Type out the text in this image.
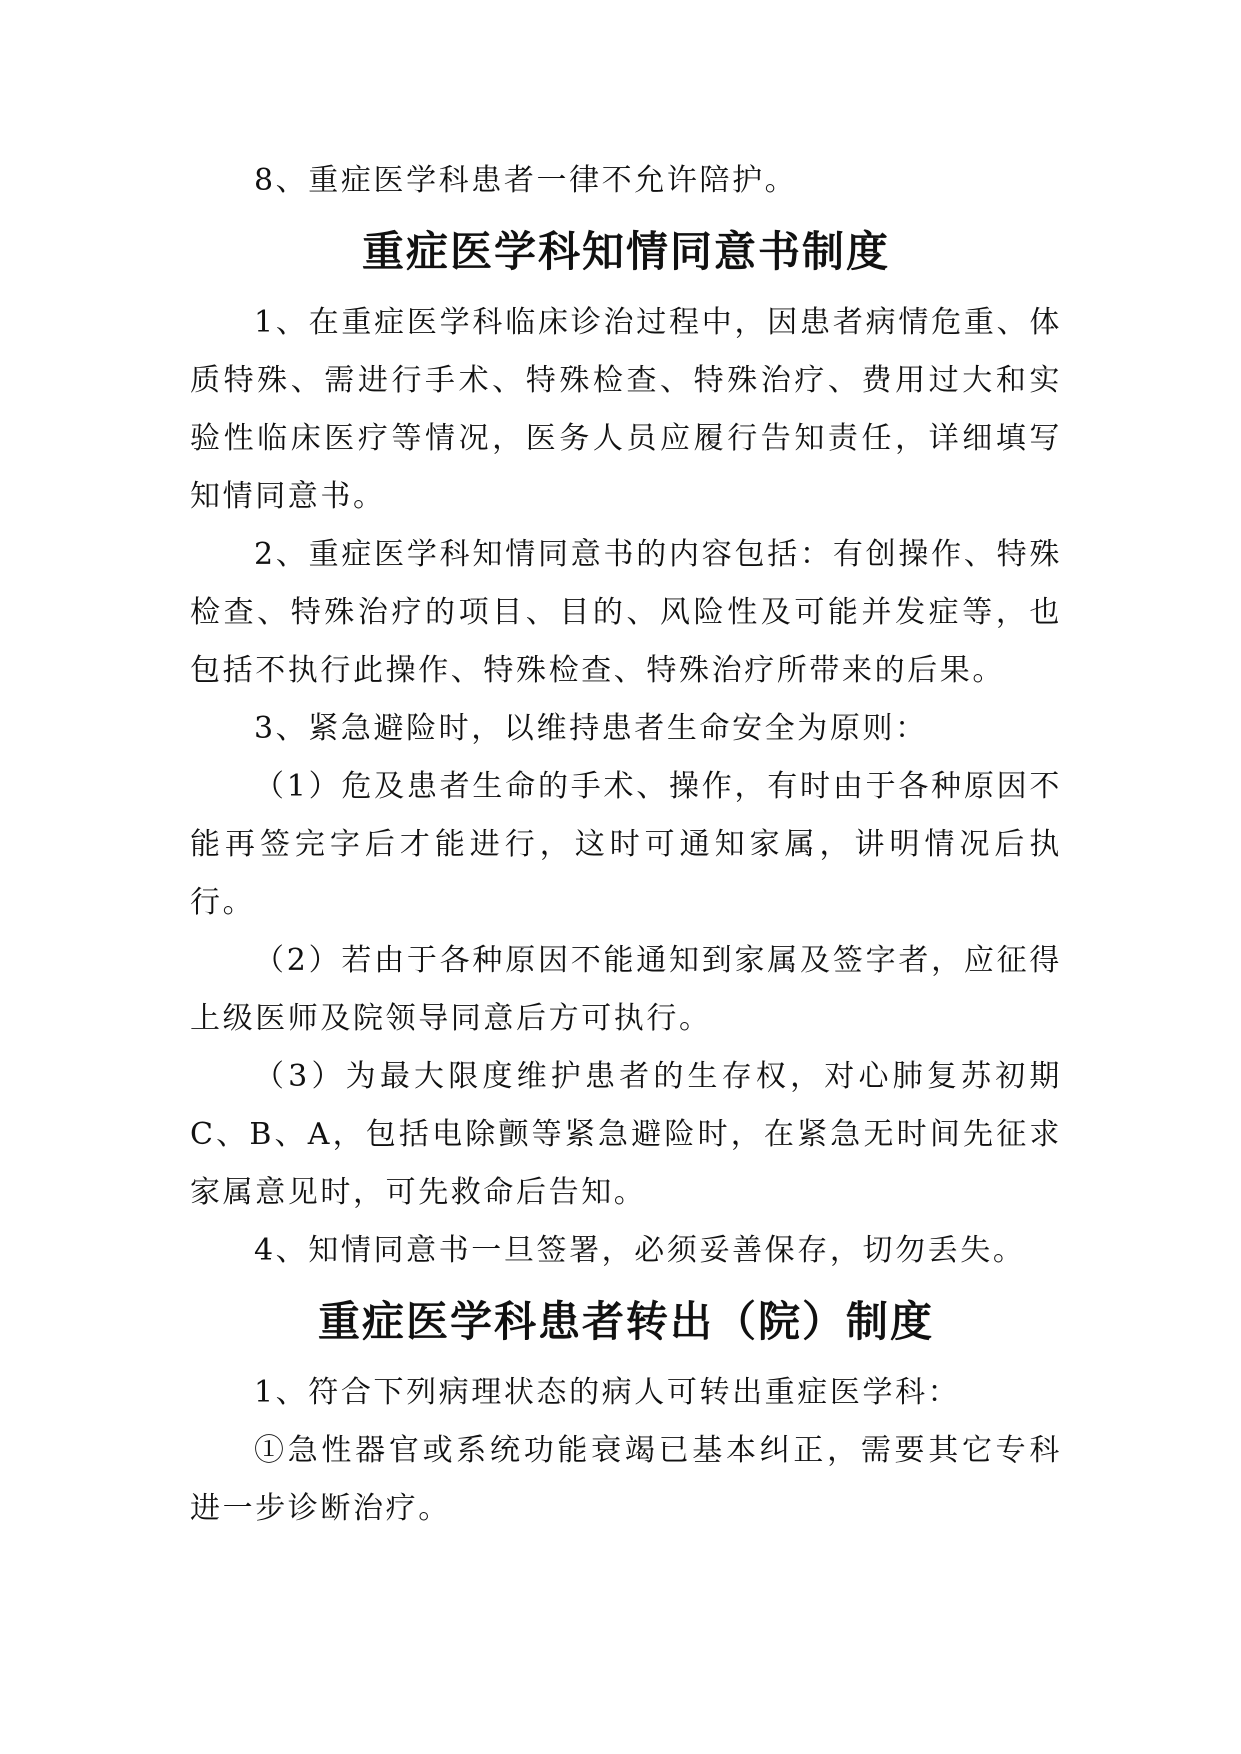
8、重症医学科患者一律不允许陪护。

重症医学科知情同意书制度

1、在重症医学科临床诊治过程中，因患者病情危重、体质特殊、需进行手术、特殊检查、特殊治疗、费用过大和实验性临床医疗等情况，医务人员应履行告知责任，详细填写知情同意书。

2、重症医学科知情同意书的内容包括：有创操作、特殊检查、特殊治疗的项目、目的、风险性及可能并发症等，也包括不执行此操作、特殊检查、特殊治疗所带来的后果。

3、紧急避险时，以维持患者生命安全为原则：

（1）危及患者生命的手术、操作，有时由于各种原因不能再签完字后才能进行，这时可通知家属，讲明情况后执行。

（2）若由于各种原因不能通知到家属及签字者，应征得上级医师及院领导同意后方可执行。

（3）为最大限度维护患者的生存权，对心肺复苏初期C、B、A，包括电除颤等紧急避险时，在紧急无时间先征求家属意见时，可先救命后告知。

4、知情同意书一旦签署，必须妥善保存，切勿丢失。

重症医学科患者转出（院）制度

1、符合下列病理状态的病人可转出重症医学科：

①急性器官或系统功能衰竭已基本纠正，需要其它专科进一步诊断治疗。
